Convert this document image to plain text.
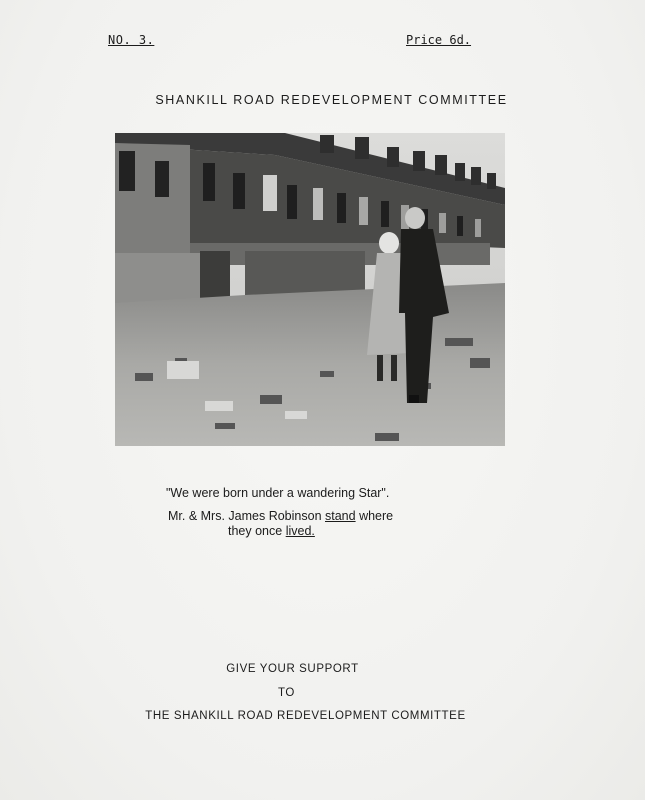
NO. 3.	Price 6d.
SHANKILL ROAD REDEVELOPMENT COMMITTEE
"We were born under a wandering Star".
Mr. & Mrs. James Robinson stand where
they once lived.
GIVE YOUR SUPPORT
TO
THE SHANKILL ROAD REDEVELOPMENT COMMITTEE
